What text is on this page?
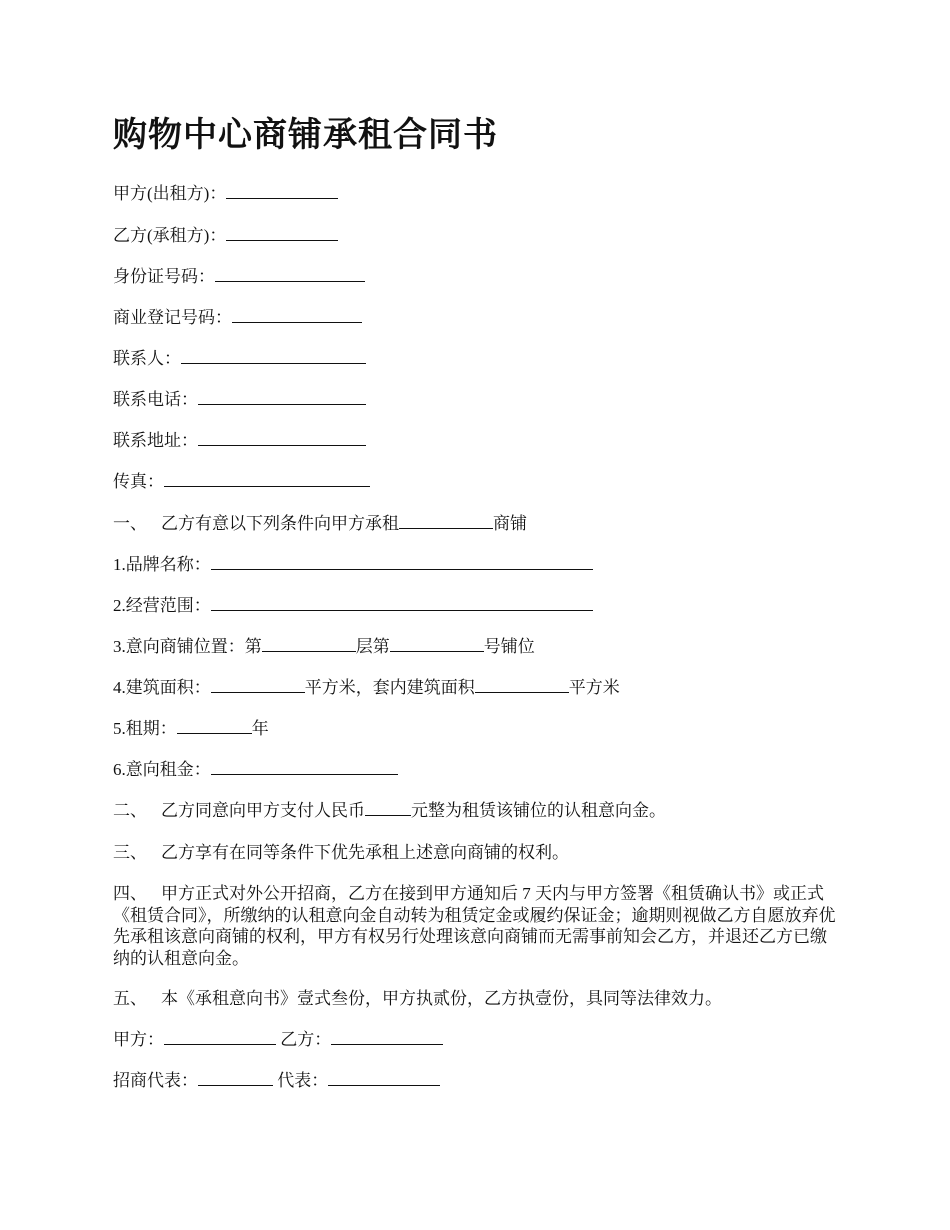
购物中心商铺承租合同书
甲方(出租方)：
乙方(承租方)：
身份证号码：
商业登记号码：
联系人：
联系电话：
联系地址：
传真：
一、 乙方有意以下列条件向甲方承租	商铺
1.品牌名称：
2.经营范围：
3.意向商铺位置：第	层第	号铺位
4.建筑面积：	平方米，套内建筑面积	平方米
5.租期：	年
6.意向租金：
二、 乙方同意向甲方支付人民币	元整为租赁该铺位的认租意向金。
三、 乙方享有在同等条件下优先承租上述意向商铺的权利。
四、 甲方正式对外公开招商，乙方在接到甲方通知后 7 天内与甲方签署《租赁确认书》或正式《租赁合同》，所缴纳的认租意向金自动转为租赁定金或履约保证金；逾期则视做乙方自愿放弃优先承租该意向商铺的权利，甲方有权另行处理该意向商铺而无需事前知会乙方，并退还乙方已缴纳的认租意向金。
五、 本《承租意向书》壹式叁份，甲方执贰份，乙方执壹份，具同等法律效力。
甲方：	乙方：
招商代表：	代表：
